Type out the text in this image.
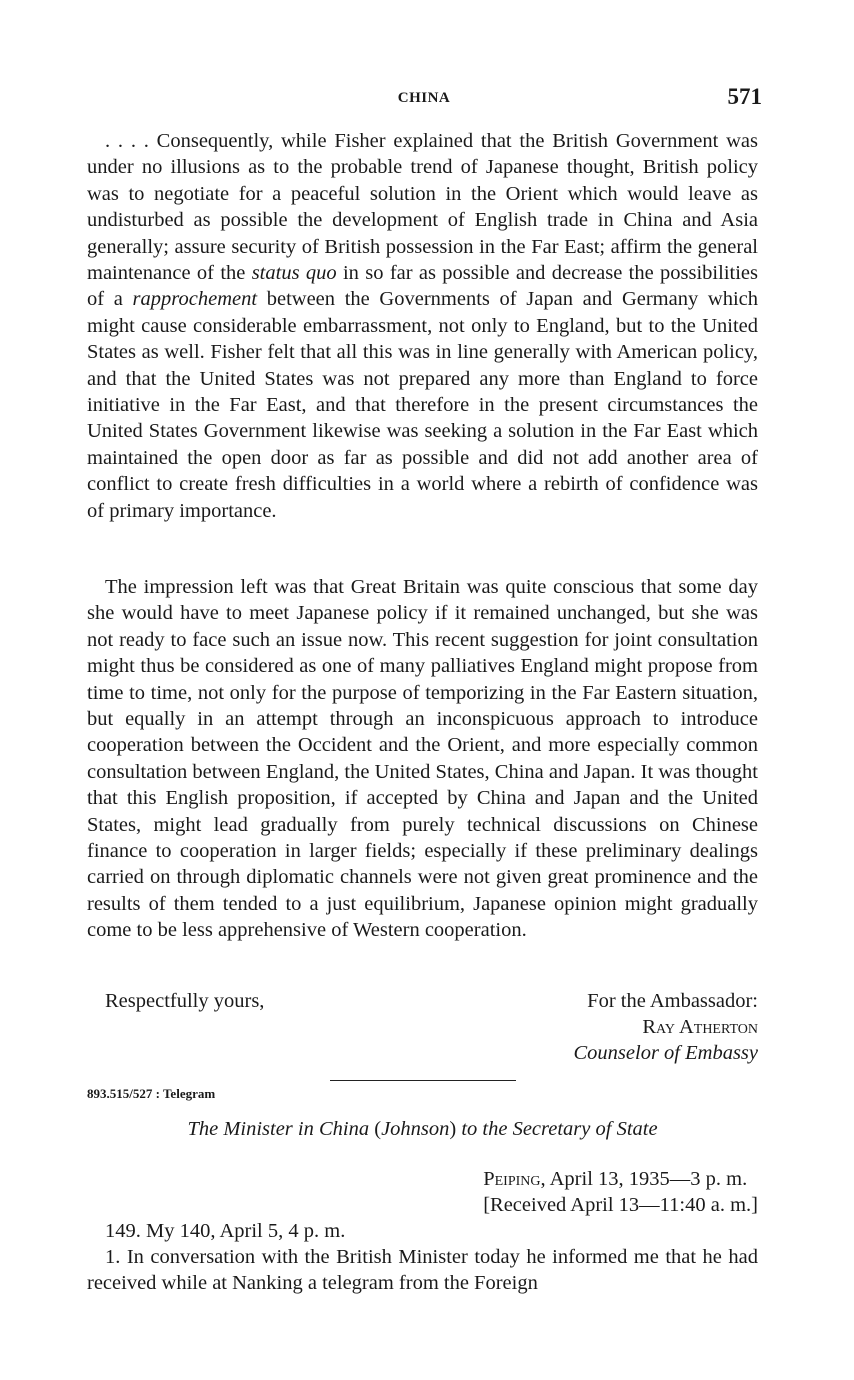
CHINA	571

. . . . Consequently, while Fisher explained that the British Government was under no illusions as to the probable trend of Japanese thought, British policy was to negotiate for a peaceful solution in the Orient which would leave as undisturbed as possible the development of English trade in China and Asia generally; assure security of British possession in the Far East; affirm the general maintenance of the status quo in so far as possible and decrease the possibilities of a rapprochement between the Governments of Japan and Germany which might cause considerable embarrassment, not only to England, but to the United States as well. Fisher felt that all this was in line generally with American policy, and that the United States was not prepared any more than England to force initiative in the Far East, and that therefore in the present circumstances the United States Government likewise was seeking a solution in the Far East which maintained the open door as far as possible and did not add another area of conflict to create fresh difficulties in a world where a rebirth of confidence was of primary importance.

The impression left was that Great Britain was quite conscious that some day she would have to meet Japanese policy if it remained unchanged, but she was not ready to face such an issue now. This recent suggestion for joint consultation might thus be considered as one of many palliatives England might propose from time to time, not only for the purpose of temporizing in the Far Eastern situation, but equally in an attempt through an inconspicuous approach to introduce cooperation between the Occident and the Orient, and more especially common consultation between England, the United States, China and Japan. It was thought that this English proposition, if accepted by China and Japan and the United States, might lead gradually from purely technical discussions on Chinese finance to cooperation in larger fields; especially if these preliminary dealings carried on through diplomatic channels were not given great prominence and the results of them tended to a just equilibrium, Japanese opinion might gradually come to be less apprehensive of Western cooperation.

Respectfully yours,	For the Ambassador:
Ray Atherton
Counselor of Embassy
893.515/527 : Telegram
The Minister in China (Johnson) to the Secretary of State
Peiping, April 13, 1935—3 p. m.
[Received April 13—11:40 a. m.]
149. My 140, April 5, 4 p. m.
1. In conversation with the British Minister today he informed me that he had received while at Nanking a telegram from the Foreign
